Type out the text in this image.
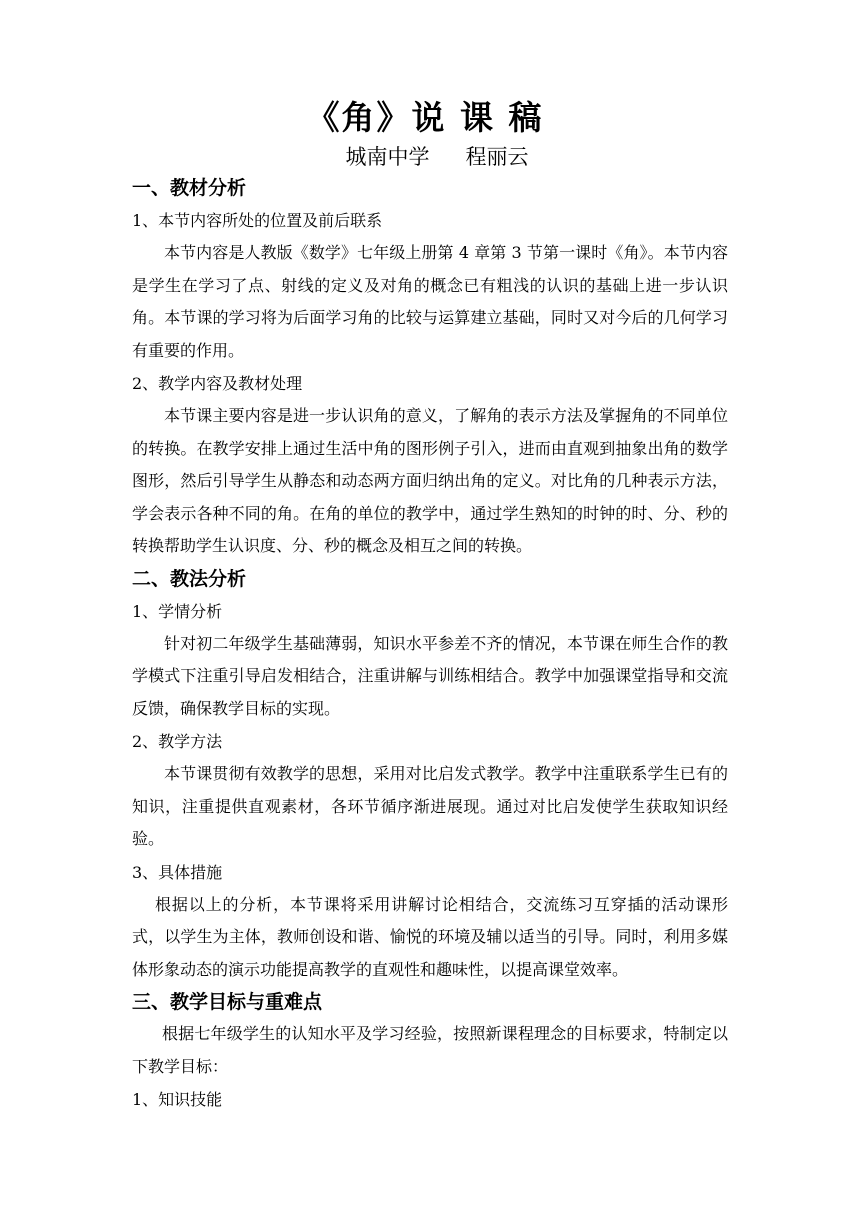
《角》说 课 稿
城南中学 程丽云
一、教材分析
1、本节内容所处的位置及前后联系
本节内容是人教版《数学》七年级上册第 4 章第 3 节第一课时《角》。本节内容是学生在学习了点、射线的定义及对角的概念已有粗浅的认识的基础上进一步认识角。本节课的学习将为后面学习角的比较与运算建立基础，同时又对今后的几何学习有重要的作用。
2、教学内容及教材处理
本节课主要内容是进一步认识角的意义，了解角的表示方法及掌握角的不同单位的转换。在教学安排上通过生活中角的图形例子引入，进而由直观到抽象出角的数学图形，然后引导学生从静态和动态两方面归纳出角的定义。对比角的几种表示方法，学会表示各种不同的角。在角的单位的教学中，通过学生熟知的时钟的时、分、秒的转换帮助学生认识度、分、秒的概念及相互之间的转换。
二、教法分析
1、学情分析
针对初二年级学生基础薄弱，知识水平参差不齐的情况，本节课在师生合作的教学模式下注重引导启发相结合，注重讲解与训练相结合。教学中加强课堂指导和交流反馈，确保教学目标的实现。
2、教学方法
本节课贯彻有效教学的思想，采用对比启发式教学。教学中注重联系学生已有的知识，注重提供直观素材，各环节循序渐进展现。通过对比启发使学生获取知识经验。
3、具体措施
根据以上的分析，本节课将采用讲解讨论相结合，交流练习互穿插的活动课形式，以学生为主体，教师创设和谐、愉悦的环境及辅以适当的引导。同时，利用多媒体形象动态的演示功能提高教学的直观性和趣味性，以提高课堂效率。
三、教学目标与重难点
根据七年级学生的认知水平及学习经验，按照新课程理念的目标要求，特制定以下教学目标：
1、知识技能
